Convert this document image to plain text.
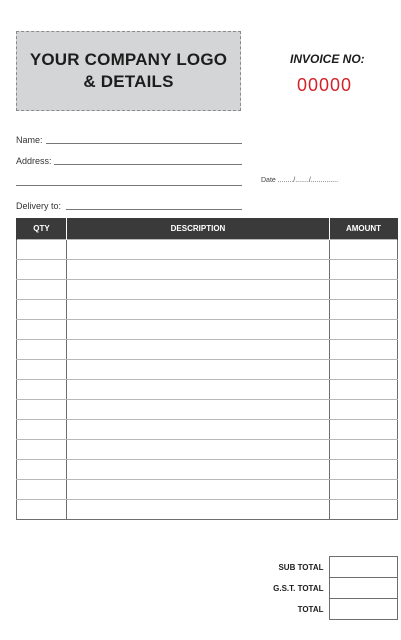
YOUR COMPANY LOGO
& DETAILS
INVOICE NO:
00000
Name:
Address:
Date ......../......./..............
Delivery to:
QTY	DESCRIPTION	AMOUNT

SUB TOTAL	
G.S.T. TOTAL	
TOTAL	
